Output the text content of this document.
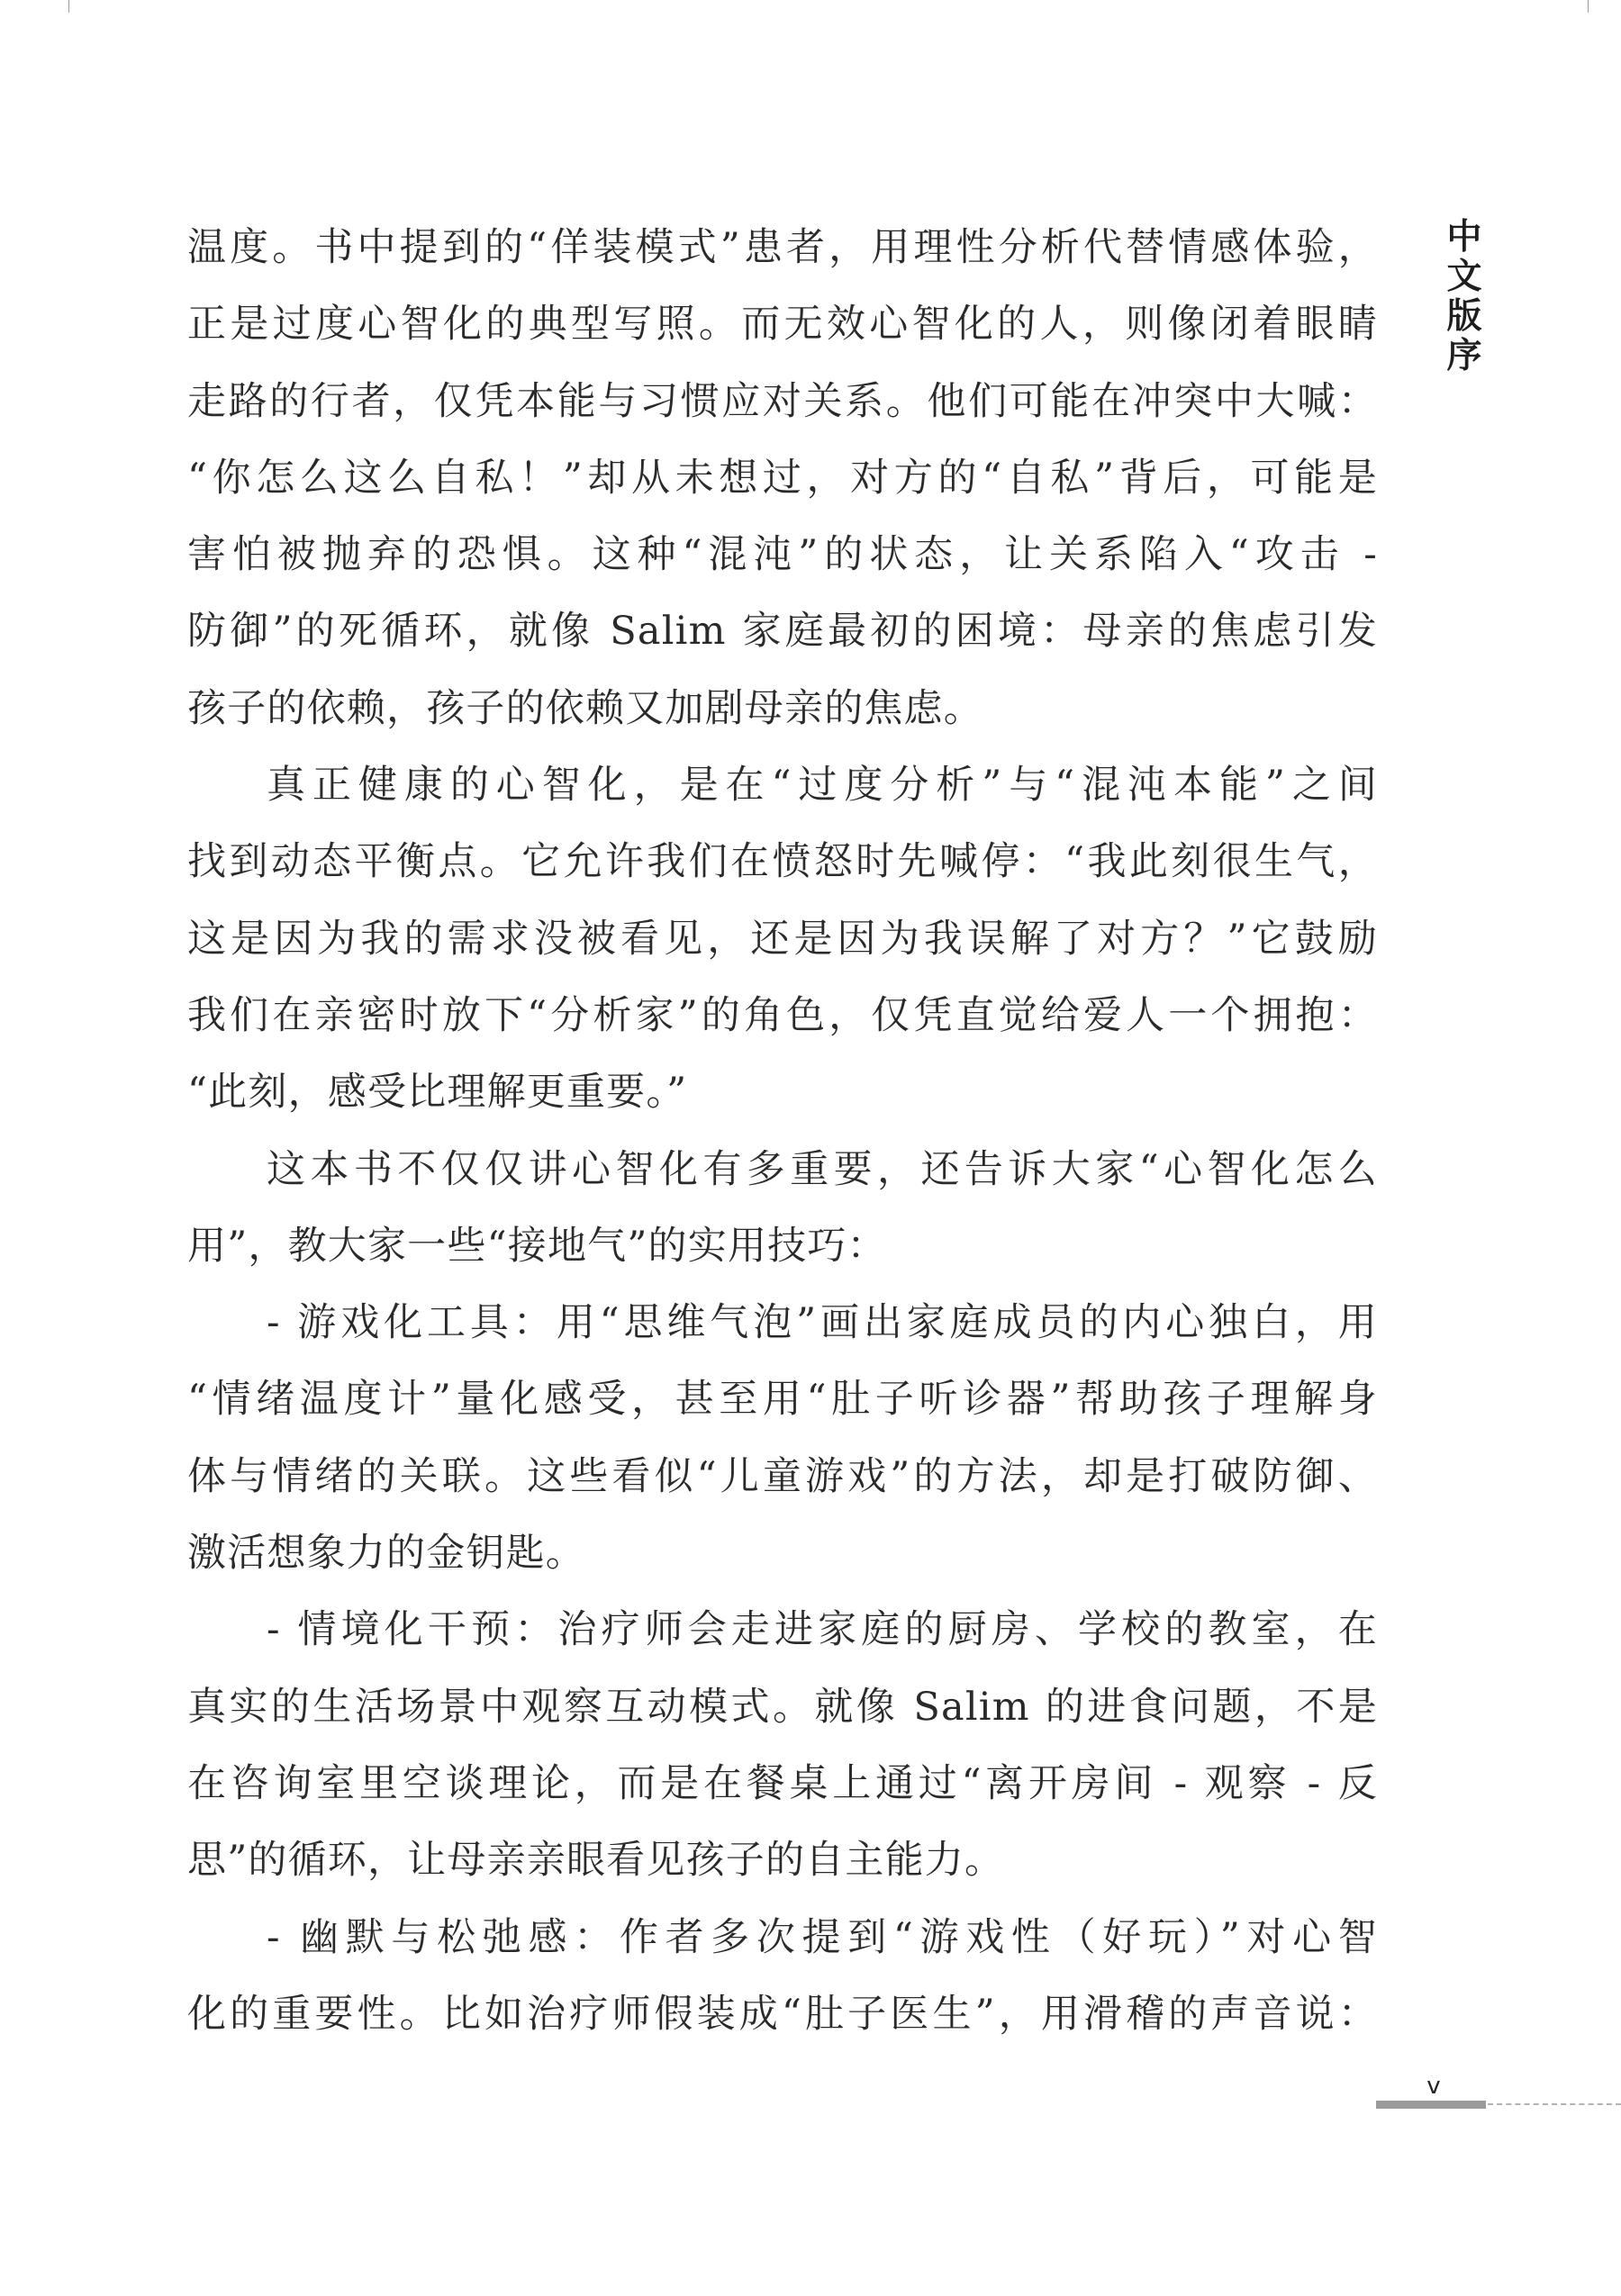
中
文
版
序
温度。书中提到的“佯装模式”患者，用理性分析代替情感体验，
正是过度心智化的典型写照。而无效心智化的人，则像闭着眼睛
走路的行者，仅凭本能与习惯应对关系。他们可能在冲突中大喊：
“你怎么这么自私！”却从未想过，对方的“自私”背后，可能是
害怕被抛弃的恐惧。这种“混沌”的状态，让关系陷入“攻击 -
防御”的死循环，就像 Salim 家庭最初的困境：母亲的焦虑引发
孩子的依赖，孩子的依赖又加剧母亲的焦虑。
真正健康的心智化，是在“过度分析”与“混沌本能”之间
找到动态平衡点。它允许我们在愤怒时先喊停：“我此刻很生气，
这是因为我的需求没被看见，还是因为我误解了对方？”它鼓励
我们在亲密时放下“分析家”的角色，仅凭直觉给爱人一个拥抱：
“此刻，感受比理解更重要。”
这本书不仅仅讲心智化有多重要，还告诉大家“心智化怎么
用”，教大家一些“接地气”的实用技巧：
- 游戏化工具：用“思维气泡”画出家庭成员的内心独白，用
“情绪温度计”量化感受，甚至用“肚子听诊器”帮助孩子理解身
体与情绪的关联。这些看似“儿童游戏”的方法，却是打破防御、
激活想象力的金钥匙。
- 情境化干预：治疗师会走进家庭的厨房、学校的教室，在
真实的生活场景中观察互动模式。就像 Salim 的进食问题，不是
在咨询室里空谈理论，而是在餐桌上通过“离开房间 - 观察 - 反
思”的循环，让母亲亲眼看见孩子的自主能力。
- 幽默与松弛感：作者多次提到“游戏性（好玩）”对心智
化的重要性。比如治疗师假装成“肚子医生”，用滑稽的声音说：
v
